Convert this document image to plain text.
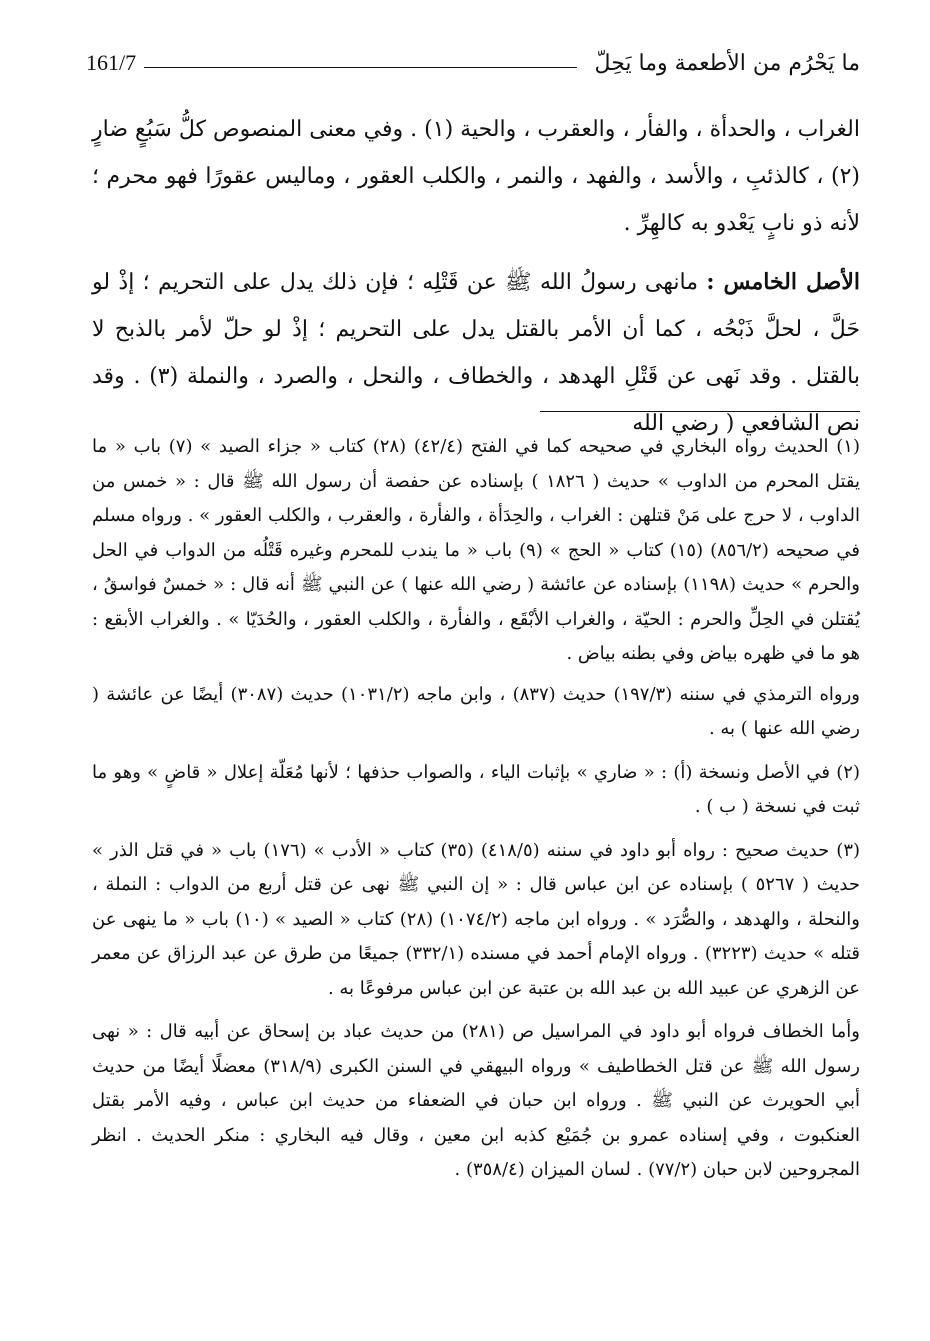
ما يَحْرُم من الأطعمة وما يَحِلّ
161/7

الغراب ، والحدأة ، والفأر ، والعقرب ، والحية (١) . وفي معنى المنصوص كلُّ سَبُعٍ ضارٍ (٢) ، كالذئبِ ، والأسد ، والفهد ، والنمر ، والكلب العقور ، وماليس عقورًا فهو محرم ؛ لأنه ذو نابٍ يَعْدو به كالهِرِّ .

الأصل الخامس : مانهى رسولُ الله ﷺ عن قَتْلِه ؛ فإن ذلك يدل على التحريم ؛ إذْ لو حَلَّ ، لحلَّ ذَبْحُه ، كما أن الأمر بالقتل يدل على التحريم ؛ إذْ لو حلّ لأمر بالذبح لا بالقتل . وقد نَهى عن قَتْلِ الهدهد ، والخطاف ، والنحل ، والصرد ، والنملة (٣) . وقد نص الشافعي ( رضي الله

(١) الحديث رواه البخاري في صحيحه كما في الفتح (٤٢/٤) (٢٨) كتاب « جزاء الصيد » (٧) باب « ما يقتل المحرم من الداوب » حديث ( ١٨٢٦ ) بإسناده عن حفصة أن رسول الله ﷺ قال : « خمس من الداوب ، لا حرج على مَنْ قتلهن : الغراب ، والحِدَأة ، والفأرة ، والعقرب ، والكلب العقور » . ورواه مسلم في صحيحه (٨٥٦/٢) (١٥) كتاب « الحج » (٩) باب « ما يندب للمحرم وغيره قَتْلُه من الدواب في الحل والحرم » حديث (١١٩٨) بإسناده عن عائشة ( رضي الله عنها ) عن النبي ﷺ أنه قال : « خمسٌ فواسقُ ، يُقتلن في الحِلِّ والحرم : الحيّة ، والغراب الأبْقَع ، والفأرة ، والكلب العقور ، والحُدَيّا » . والغراب الأبقع : هو ما في ظهره بياض وفي بطنه بياض .

ورواه الترمذي في سننه (١٩٧/٣) حديث (٨٣٧) ، وابن ماجه (١٠٣١/٢) حديث (٣٠٨٧) أيضًا عن عائشة ( رضي الله عنها ) به .

(٢) في الأصل ونسخة (أ) : « ضاري » بإثبات الياء ، والصواب حذفها ؛ لأنها مُعَلّة إعلال « قاضٍ » وهو ما ثبت في نسخة ( ب ) .

(٣) حديث صحيح : رواه أبو داود في سننه (٤١٨/٥) (٣٥) كتاب « الأدب » (١٧٦) باب « في قتل الذر » حديث ( ٥٢٦٧ ) بإسناده عن ابن عباس قال : « إن النبي ﷺ نهى عن قتل أربع من الدواب : النملة ، والنحلة ، والهدهد ، والصُّرَد » . ورواه ابن ماجه (١٠٧٤/٢) (٢٨) كتاب « الصيد » (١٠) باب « ما ينهى عن قتله » حديث (٣٢٢٣) . ورواه الإمام أحمد في مسنده (٣٣٢/١) جميعًا من طرق عن عبد الرزاق عن معمر عن الزهري عن عبيد الله بن عبد الله بن عتبة عن ابن عباس مرفوعًا به .

وأما الخطاف فرواه أبو داود في المراسيل ص (٢٨١) من حديث عباد بن إسحاق عن أبيه قال : « نهى رسول الله ﷺ عن قتل الخطاطيف » ورواه البيهقي في السنن الكبرى (٣١٨/٩) معضلًا أيضًا من حديث أبي الحويرث عن النبي ﷺ . ورواه ابن حبان في الضعفاء من حديث ابن عباس ، وفيه الأمر بقتل العنكبوت ، وفي إسناده عمرو بن جُمَيْع كذبه ابن معين ، وقال فيه البخاري : منكر الحديث . انظر المجروحين لابن حبان (٧٧/٢) . لسان الميزان (٣٥٨/٤) .
